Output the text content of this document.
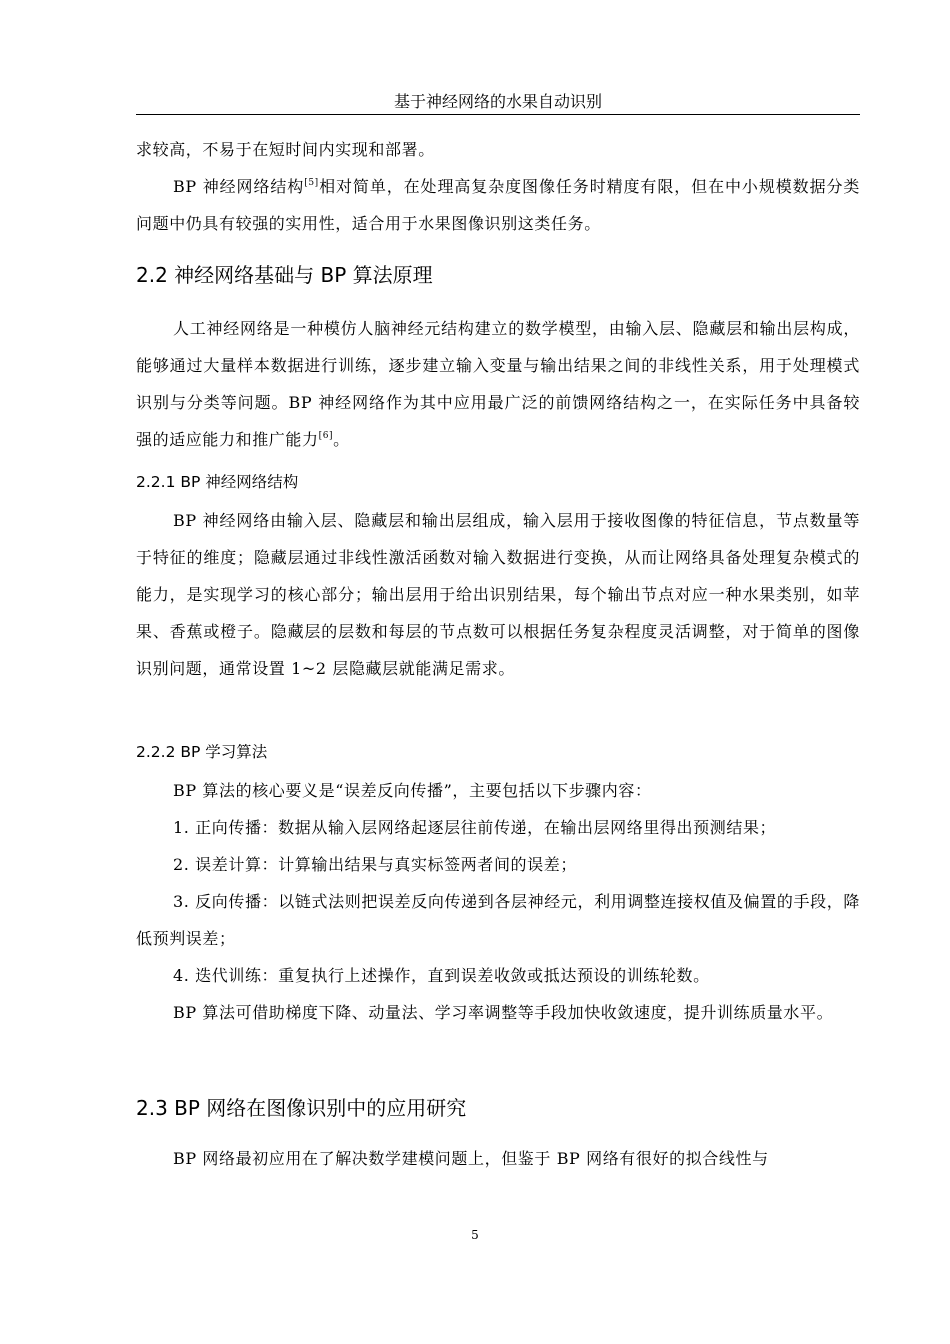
基于神经网络的水果自动识别

求较高，不易于在短时间内实现和部署。

BP 神经网络结构[5]相对简单，在处理高复杂度图像任务时精度有限，但在中小规模数据分类问题中仍具有较强的实用性，适合用于水果图像识别这类任务。

2.2 神经网络基础与 BP 算法原理

人工神经网络是一种模仿人脑神经元结构建立的数学模型，由输入层、隐藏层和输出层构成，能够通过大量样本数据进行训练，逐步建立输入变量与输出结果之间的非线性关系，用于处理模式识别与分类等问题。BP 神经网络作为其中应用最广泛的前馈网络结构之一，在实际任务中具备较强的适应能力和推广能力[6]。

2.2.1 BP 神经网络结构

BP 神经网络由输入层、隐藏层和输出层组成，输入层用于接收图像的特征信息，节点数量等于特征的维度；隐藏层通过非线性激活函数对输入数据进行变换，从而让网络具备处理复杂模式的能力，是实现学习的核心部分；输出层用于给出识别结果，每个输出节点对应一种水果类别，如苹果、香蕉或橙子。隐藏层的层数和每层的节点数可以根据任务复杂程度灵活调整，对于简单的图像识别问题，通常设置 1~2 层隐藏层就能满足需求。

2.2.2 BP 学习算法

BP 算法的核心要义是“误差反向传播”，主要包括以下步骤内容：

1. 正向传播：数据从输入层网络起逐层往前传递，在输出层网络里得出预测结果；

2. 误差计算：计算输出结果与真实标签两者间的误差；

3. 反向传播：以链式法则把误差反向传递到各层神经元，利用调整连接权值及偏置的手段，降低预判误差；

4. 迭代训练：重复执行上述操作，直到误差收敛或抵达预设的训练轮数。

BP 算法可借助梯度下降、动量法、学习率调整等手段加快收敛速度，提升训练质量水平。

2.3 BP 网络在图像识别中的应用研究

BP 网络最初应用在了解决数学建模问题上，但鉴于 BP 网络有很好的拟合线性与

5
